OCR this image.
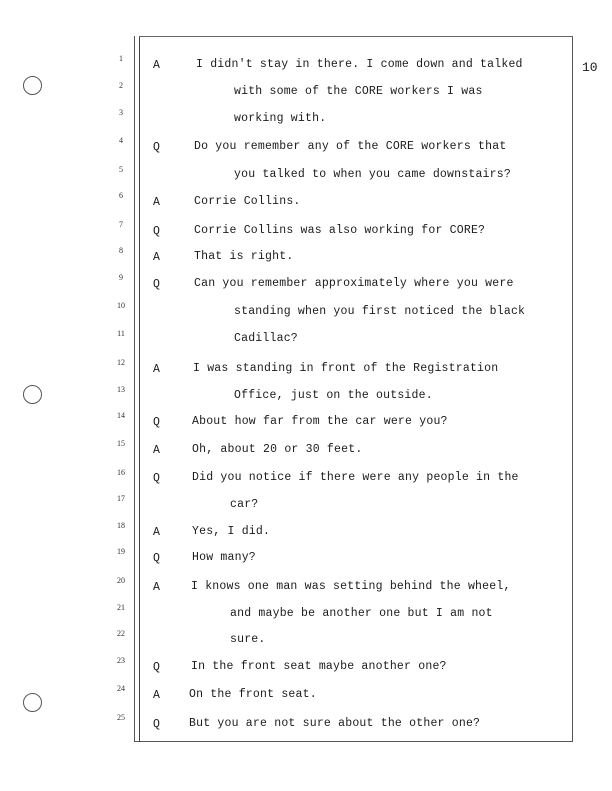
10
1
A	I didn't stay in there. I come down and talked
2	with some of the CORE workers I was
3	working with.
4
Q	Do you remember any of the CORE workers that
5	you talked to when you came downstairs?
6
A	Corrie Collins.
7
Q	Corrie Collins was also working for CORE?
8
A	That is right.
9
Q	Can you remember approximately where you were
10	standing when you first noticed the black
11	Cadillac?
12
A	I was standing in front of the Registration
13	Office, just on the outside.
14
Q	About how far from the car were you?
15
A	Oh, about 20 or 30 feet.
16	Q	Did you notice if there were any people in the
17	car?
18
A	Yes, I did.
19
Q	How many?
20
A	I knows one man was setting behind the wheel,
21	and maybe be another one but I am not
22	sure.
23
Q	In the front seat maybe another one?
24
A	On the front seat.
25
Q	But you are not sure about the other one?
